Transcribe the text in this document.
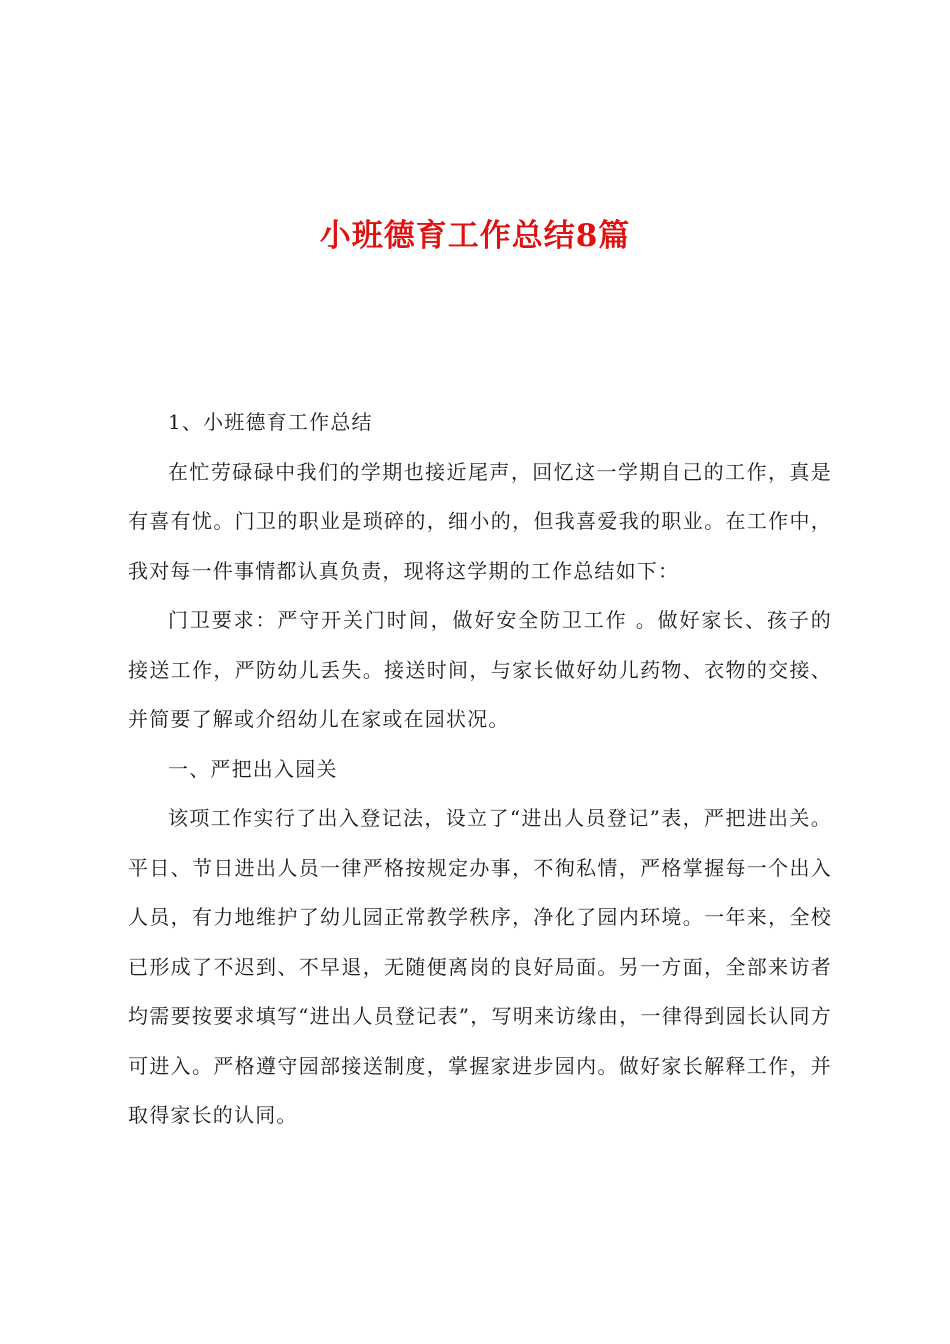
小班德育工作总结8篇

1、小班德育工作总结

在忙劳碌碌中我们的学期也接近尾声，回忆这一学期自己的工作，真是有喜有忧。门卫的职业是琐碎的，细小的，但我喜爱我的职业。在工作中，我对每一件事情都认真负责，现将这学期的工作总结如下：

门卫要求：严守开关门时间，做好安全防卫工作 。做好家长、孩子的接送工作，严防幼儿丢失。接送时间，与家长做好幼儿药物、衣物的交接、并简要了解或介绍幼儿在家或在园状况。

一、严把出入园关

该项工作实行了出入登记法，设立了“进出人员登记”表，严把进出关。平日、节日进出人员一律严格按规定办事，不徇私情，严格掌握每一个出入人员，有力地维护了幼儿园正常教学秩序，净化了园内环境。一年来，全校已形成了不迟到、不早退，无随便离岗的良好局面。另一方面，全部来访者均需要按要求填写“进出人员登记表”，写明来访缘由，一律得到园长认同方可进入。严格遵守园部接送制度，掌握家进步园内。做好家长解释工作，并取得家长的认同。
